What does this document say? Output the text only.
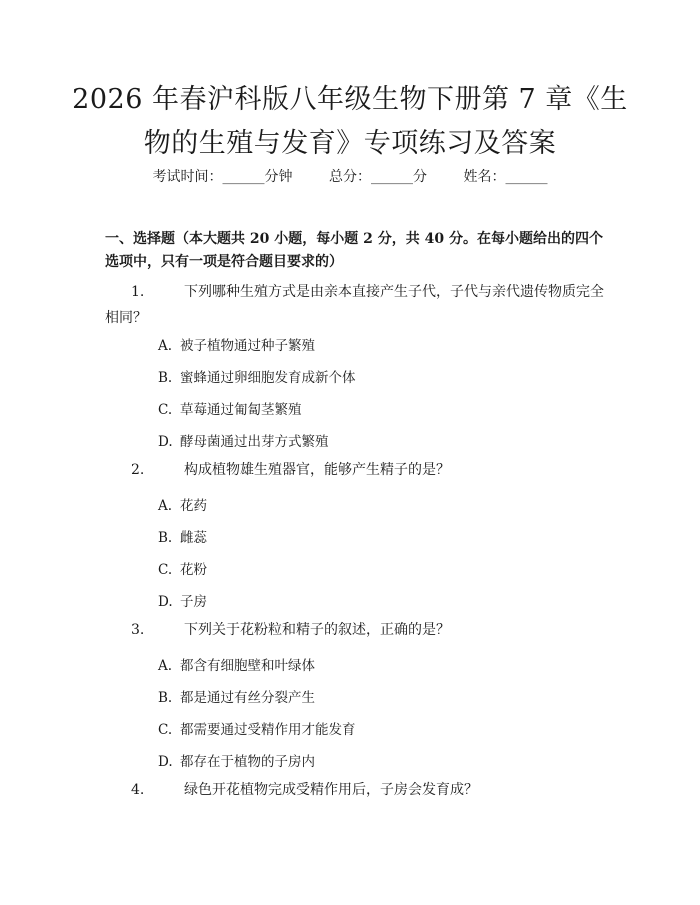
2026 年春沪科版八年级生物下册第 7 章《生物的生殖与发育》专项练习及答案
考试时间：______分钟	总分：______分	姓名：______

一、选择题（本大题共 20 小题，每小题 2 分，共 40 分。在每小题给出的四个选项中，只有一项是符合题目要求的）

1.	下列哪种生殖方式是由亲本直接产生子代，子代与亲代遗传物质完全相同？
A. 被子植物通过种子繁殖
B. 蜜蜂通过卵细胞发育成新个体
C. 草莓通过匍匐茎繁殖
D. 酵母菌通过出芽方式繁殖
2.	构成植物雄生殖器官，能够产生精子的是？
A. 花药
B. 雌蕊
C. 花粉
D. 子房
3.	下列关于花粉粒和精子的叙述，正确的是？
A. 都含有细胞壁和叶绿体
B. 都是通过有丝分裂产生
C. 都需要通过受精作用才能发育
D. 都存在于植物的子房内
4.	绿色开花植物完成受精作用后，子房会发育成？
